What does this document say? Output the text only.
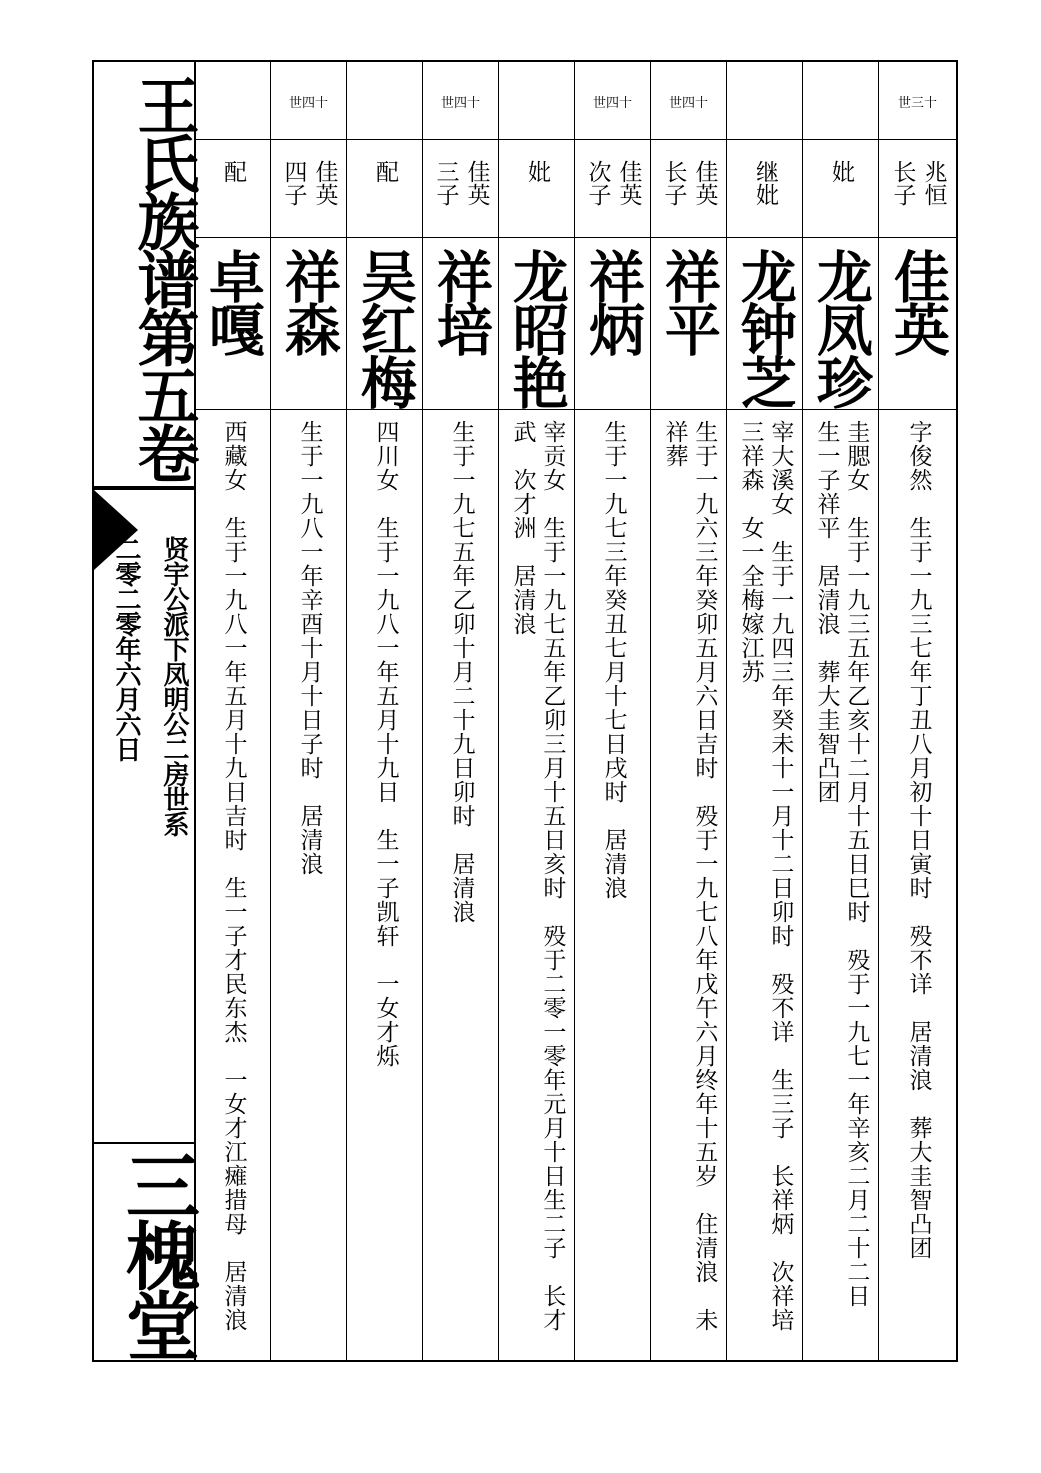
王氏族谱第五卷
贤宇公派下凤明公二房世系
二零二零年六月六日
三槐堂
配
卓嘎
西藏女　生于一九八一年五月十九日吉时　生一子才民东杰　一女才江瘫措母　居清浪
世四十
佳英　四子
祥森
生于一九八一年辛酉十月十日子时　居清浪
配
吴红梅
四川女　生于一九八一年五月十九日　生一子凯轩　一女才烁
世四十
佳英　三子
祥培
生于一九七五年乙卯十月二十九日卯时　居清浪
妣
龙昭艳
宰贡女　生于一九七五年乙卯三月十五日亥时　殁于二零一零年元月十日生二子　长才武　次才洲　居清浪
世四十
佳英　次子
祥炳
生于一九七三年癸丑七月十七日戌时　居清浪
世四十
佳英　长子
祥平
生于一九六三年癸卯五月六日吉时　殁于一九七八年戊午六月终年十五岁　住清浪　未祥葬
继妣
龙钟芝
宰大溪女　生于一九四三年癸未十一月十二日卯时　殁不详　生三子　长祥炳　次祥培　三祥森　女一全梅嫁江苏
妣
龙凤珍
圭腮女　生于一九三五年乙亥十二月十五日巳时　殁于一九七一年辛亥二月二十二日　生一子祥平　居清浪　葬大圭智凸团
世三十
兆恒　长子
佳英
字俊然　生于一九三七年丁丑八月初十日寅时　殁不详　居清浪　葬大圭智凸团
